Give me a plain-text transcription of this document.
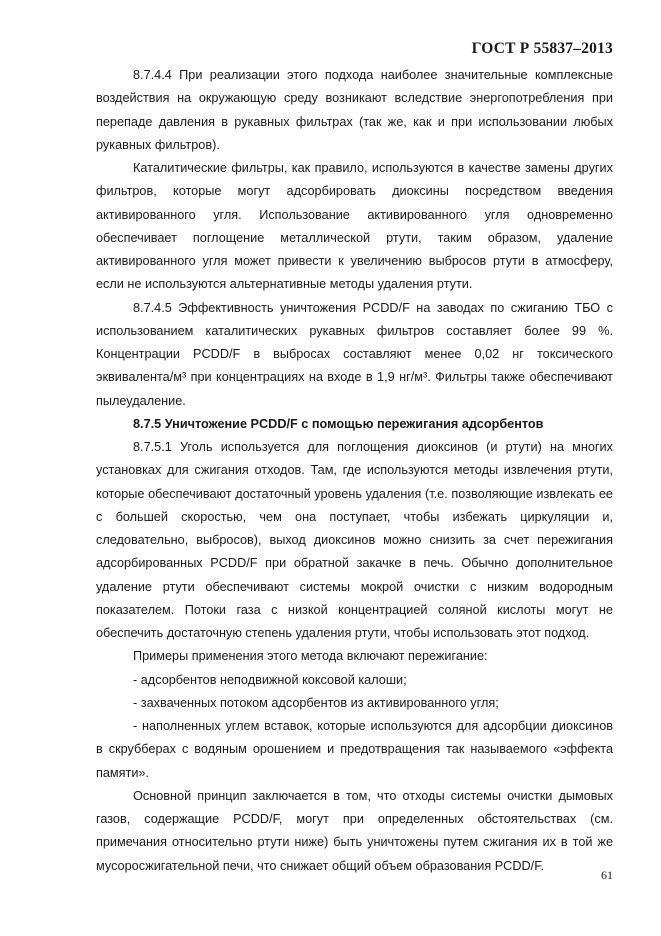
ГОСТ Р 55837–2013

8.7.4.4 При реализации этого подхода наиболее значительные комплексные воздействия на окружающую среду возникают вследствие энергопотребления при перепаде давления в рукавных фильтрах (так же, как и при использовании любых рукавных фильтров).

Каталитические фильтры, как правило, используются в качестве замены других фильтров, которые могут адсорбировать диоксины посредством введения активированного угля. Использование активированного угля одновременно обеспечивает поглощение металлической ртути, таким образом, удаление активированного угля может привести к увеличению выбросов ртути в атмосферу, если не используются альтернативные методы удаления ртути.

8.7.4.5 Эффективность уничтожения PCDD/F на заводах по сжиганию ТБО с использованием каталитических рукавных фильтров составляет более 99 %. Концентрации PCDD/F в выбросах составляют менее 0,02 нг токсического эквивалента/м³ при концентрациях на входе в 1,9 нг/м³. Фильтры также обеспечивают пылеудаление.

8.7.5 Уничтожение PCDD/F с помощью пережигания адсорбентов

8.7.5.1 Уголь используется для поглощения диоксинов (и ртути) на многих установках для сжигания отходов. Там, где используются методы извлечения ртути, которые обеспечивают достаточный уровень удаления (т.е. позволяющие извлекать ее с большей скоростью, чем она поступает, чтобы избежать циркуляции и, следовательно, выбросов), выход диоксинов можно снизить за счет пережигания адсорбированных PCDD/F при обратной закачке в печь. Обычно дополнительное удаление ртути обеспечивают системы мокрой очистки с низким водородным показателем. Потоки газа с низкой концентрацией соляной кислоты могут не обеспечить достаточную степень удаления ртути, чтобы использовать этот подход.

Примеры применения этого метода включают пережигание:

- адсорбентов неподвижной коксовой калоши;

- захваченных потоком адсорбентов из активированного угля;

- наполненных углем вставок, которые используются для адсорбции диоксинов в скрубберах с водяным орошением и предотвращения так называемого «эффекта памяти».

Основной принцип заключается в том, что отходы системы очистки дымовых газов, содержащие PCDD/F, могут при определенных обстоятельствах (см. примечания относительно ртути ниже) быть уничтожены путем сжигания их в той же мусоросжигательной печи, что снижает общий объем образования PCDD/F.

61
